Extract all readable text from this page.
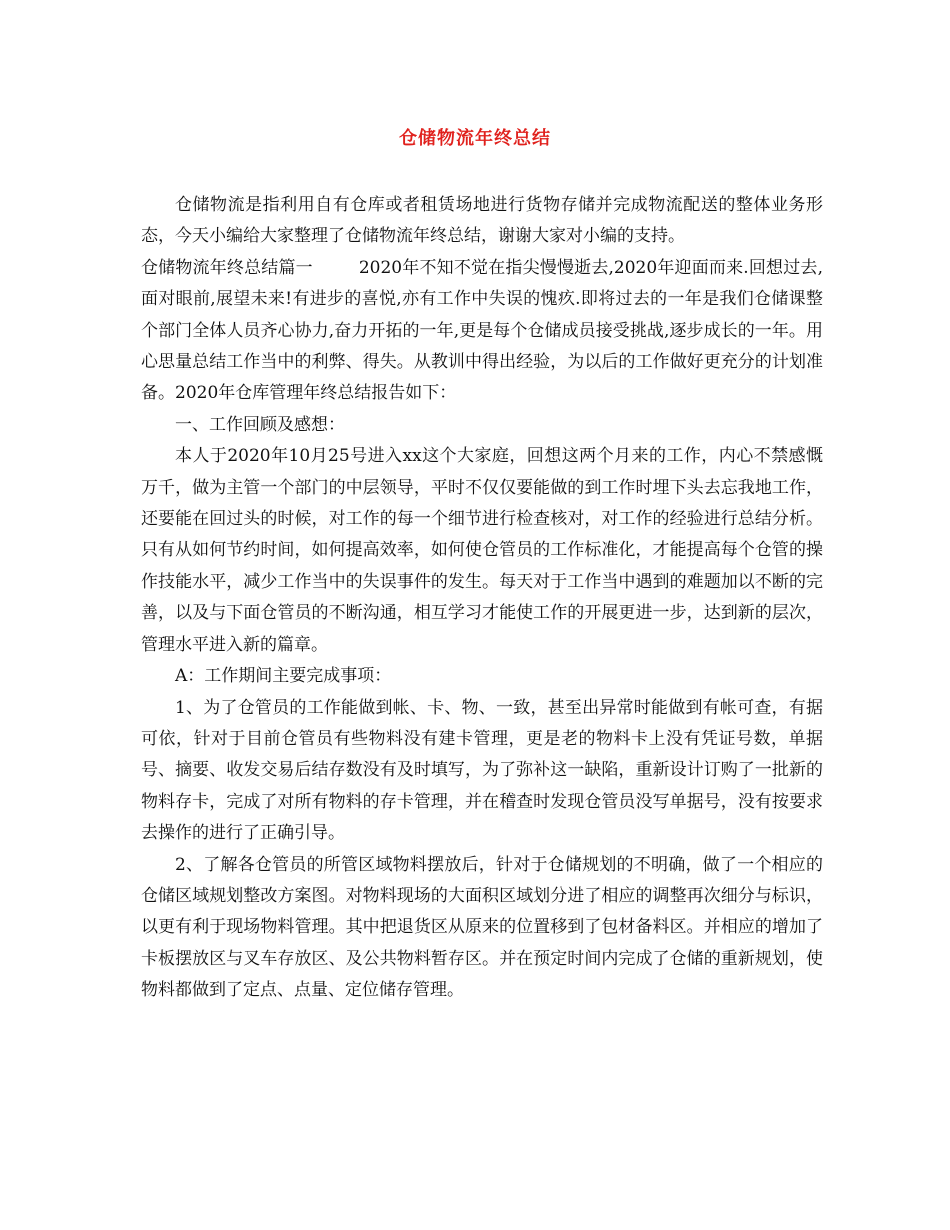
仓储物流年终总结

仓储物流是指利用自有仓库或者租赁场地进行货物存储并完成物流配送的整体业务形态，今天小编给大家整理了仓储物流年终总结，谢谢大家对小编的支持。

仓储物流年终总结篇一	2020年不知不觉在指尖慢慢逝去,2020年迎面而来.回想过去,面对眼前,展望未来!有进步的喜悦,亦有工作中失误的愧疚.即将过去的一年是我们仓储课整个部门全体人员齐心协力,奋力开拓的一年,更是每个仓储成员接受挑战,逐步成长的一年。用心思量总结工作当中的利弊、得失。从教训中得出经验，为以后的工作做好更充分的计划准备。2020年仓库管理年终总结报告如下：

一、工作回顾及感想：

本人于2020年10月25号进入xx这个大家庭，回想这两个月来的工作，内心不禁感慨万千，做为主管一个部门的中层领导，平时不仅仅要能做的到工作时埋下头去忘我地工作，还要能在回过头的时候，对工作的每一个细节进行检查核对，对工作的经验进行总结分析。只有从如何节约时间，如何提高效率，如何使仓管员的工作标准化，才能提高每个仓管的操作技能水平，减少工作当中的失误事件的发生。每天对于工作当中遇到的难题加以不断的完善，以及与下面仓管员的不断沟通，相互学习才能使工作的开展更进一步，达到新的层次，管理水平进入新的篇章。

A：工作期间主要完成事项：

1、为了仓管员的工作能做到帐、卡、物、一致，甚至出异常时能做到有帐可查，有据可依，针对于目前仓管员有些物料没有建卡管理，更是老的物料卡上没有凭证号数，单据号、摘要、收发交易后结存数没有及时填写，为了弥补这一缺陷，重新设计订购了一批新的物料存卡，完成了对所有物料的存卡管理，并在稽查时发现仓管员没写单据号，没有按要求去操作的进行了正确引导。

2、了解各仓管员的所管区域物料摆放后，针对于仓储规划的不明确，做了一个相应的仓储区域规划整改方案图。对物料现场的大面积区域划分进了相应的调整再次细分与标识，以更有利于现场物料管理。其中把退货区从原来的位置移到了包材备料区。并相应的增加了卡板摆放区与叉车存放区、及公共物料暂存区。并在预定时间内完成了仓储的重新规划，使物料都做到了定点、点量、定位储存管理。
